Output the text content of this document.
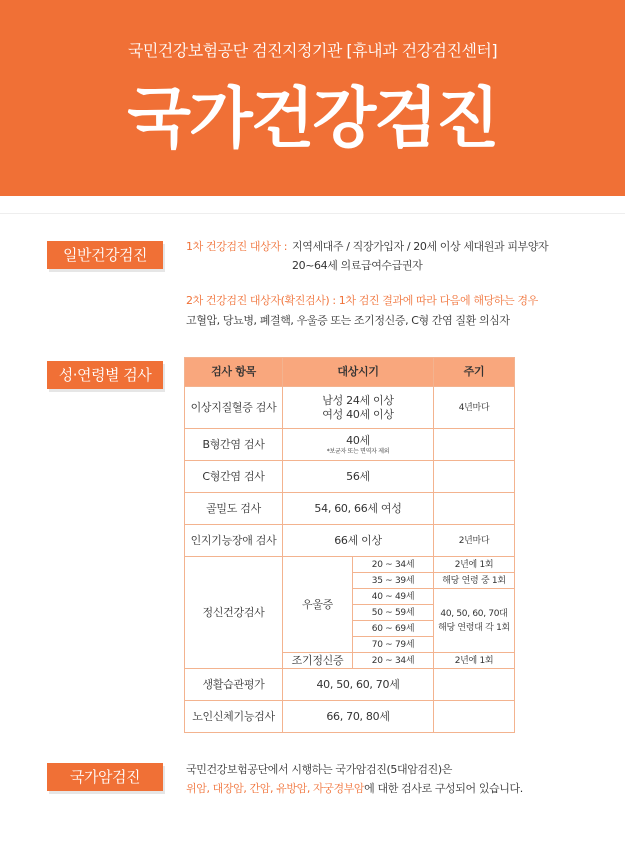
국민건강보험공단 검진지정기관 [휴내과 건강검진센터]
국가건강검진
일반건강검진	1차 건강검진 대상자 : 지역세대주 / 직장가입자 / 20세 이상 세대원과 피부양자
20~64세 의료급여수급권자
2차 건강검진 대상자(확진검사) : 1차 검진 결과에 따라 다음에 해당하는 경우
고혈압, 당뇨병, 폐결핵, 우울증 또는 조기정신증, C형 간염 질환 의심자
성·연령별 검사	검사 항목	대상시기		주기
이상지질혈증 검사	남성 24세 이상
여성 40세 이상		4년마다
B형간염 검사	40세
*보균자 또는 면역자 제외		

C형간염 검사	56세		
골밀도 검사	54, 60, 66세 여성		
인지기능장애 검사	66세 이상		2년마다
정신건강검사	우울증	20 ~ 34세	2년에 1회
		35 ~ 39세	해당 연령 중 1회
		40 ~ 49세	40, 50, 60, 70대
해당 연령대 각 1회
		50 ~ 59세	
		60 ~ 69세	
		70 ~ 79세	
	조기정신증	20 ~ 34세	2년에 1회
생활습관평가	40, 50, 60, 70세		
노인신체기능검사	66, 70, 80세		
국가암검진	국민건강보험공단에서 시행하는 국가암검진(5대암검진)은
위암, 대장암, 간암, 유방암, 자궁경부암에 대한 검사로 구성되어 있습니다.
